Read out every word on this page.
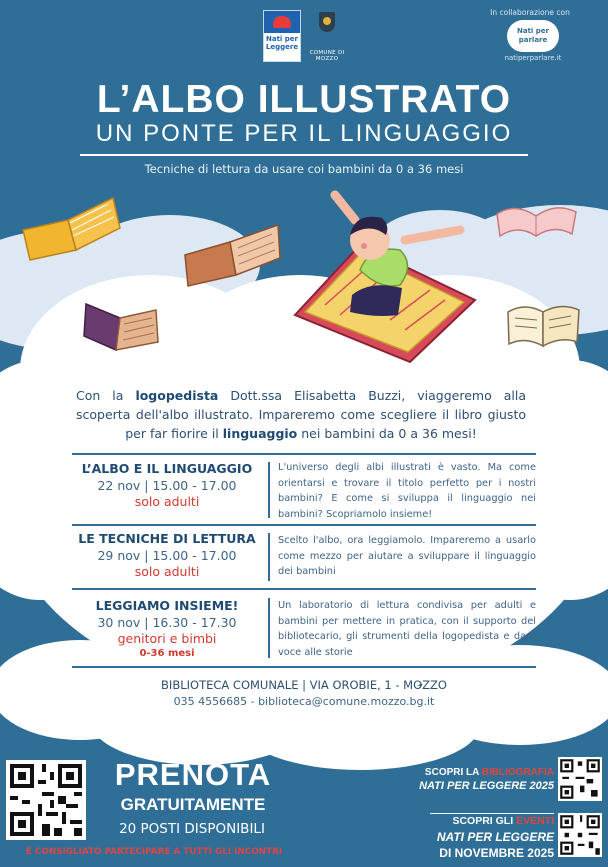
Nati per Leggere
COMUNE DI MOZZO
In collaborazione con
Nati per parlare
natiperparlare.it
L’ALBO ILLUSTRATO
UN PONTE PER IL LINGUAGGIO
Tecniche di lettura da usare coi bambini da 0 a 36 mesi
Con la logopedista Dott.ssa Elisabetta Buzzi, viaggeremo alla scoperta dell'albo illustrato. Impareremo come scegliere il libro giusto per far fiorire il linguaggio nei bambini da 0 a 36 mesi!
L’ALBO E IL LINGUAGGIO
22 nov | 15.00 - 17.00
solo adulti
L'universo degli albi illustrati è vasto. Ma come orientarsi e trovare il titolo perfetto per i nostri bambini? E come si sviluppa il linguaggio nei bambini? Scopriamolo insieme!
LE TECNICHE DI LETTURA
29 nov | 15.00 - 17.00
solo adulti
Scelto l'albo, ora leggiamolo. Impareremo a usarlo come mezzo per aiutare a sviluppare il linguaggio dei bambini
LEGGIAMO INSIEME!
30 nov | 16.30 - 17.30
genitori e bimbi
0-36 mesi
Un laboratorio di lettura condivisa per adulti e bambini per mettere in pratica, con il supporto del bibliotecario, gli strumenti della logopedista e dare voce alle storie
BIBLIOTECA COMUNALE | VIA OROBIE, 1 - MOZZO
035 4556685 - biblioteca@comune.mozzo.bg.it
PRENOTA
GRATUITAMENTE
20 POSTI DISPONIBILI
È CONSIGLIATO PARTECIPARE A TUTTI GLI INCONTRI
SCOPRI LA BIBLIOGRAFIA
NATI PER LEGGERE 2025
SCOPRI GLI EVENTI
NATI PER LEGGERE
DI NOVEMBRE 2025
